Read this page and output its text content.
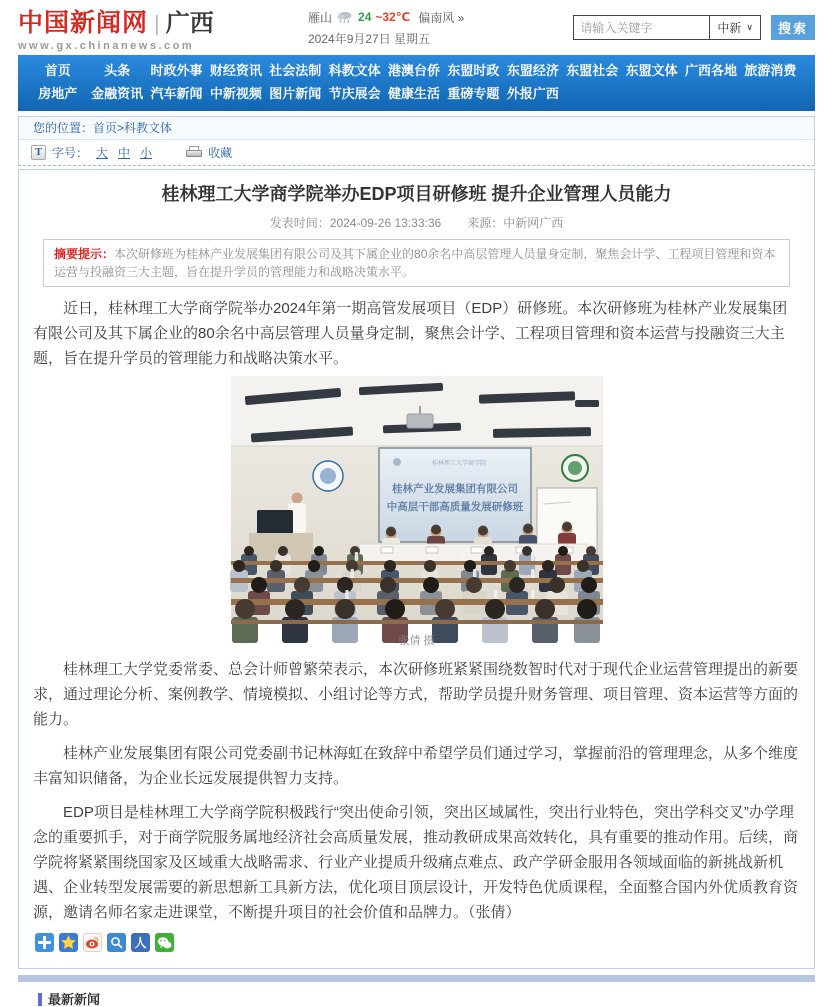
中国新闻网 | 广西
www.gx.chinanews.com
雁山 24 ~32℃ 偏南风 »
2024年9月27日 星期五
请输入关键字
中新 ∨	搜索
首页	头条	时政外事 财经资讯 社会法制 科教文体 港澳台侨 东盟时政 东盟经济 东盟社会 东盟文体 广西各地 旅游消费
房地产	金融资讯 汽车新闻 中新视频 图片新闻 节庆展会 健康生活 重磅专题 外报广西
您的位置：首页>科教文体
T 字号： 大 中 小	收藏
桂林理工大学商学院举办EDP项目研修班 提升企业管理人员能力
发表时间：2024-09-26 13:33:36 来源：中新网广西
摘要提示：本次研修班为桂林产业发展集团有限公司及其下属企业的80余名中高层管理人员量身定制，聚焦会计学、工程项目管理和资本运营与投融资三大主题，旨在提升学员的管理能力和战略决策水平。

近日，桂林理工大学商学院举办2024年第一期高管发展项目（EDP）研修班。本次研修班为桂林产业发展集团有限公司及其下属企业的80余名中高层管理人员量身定制，聚焦会计学、工程项目管理和资本运营与投融资三大主题，旨在提升学员的管理能力和战略决策水平。

桂林理工大学商学院
桂林产业发展集团有限公司
中高层干部高质量发展研修班
张倩 摄

桂林理工大学党委常委、总会计师曾繁荣表示，本次研修班紧紧围绕数智时代对于现代企业运营管理提出的新要求，通过理论分析、案例教学、情境模拟、小组讨论等方式，帮助学员提升财务管理、项目管理、资本运营等方面的能力。

桂林产业发展集团有限公司党委副书记林海虹在致辞中希望学员们通过学习，掌握前沿的管理理念，从多个维度丰富知识储备，为企业长远发展提供智力支持。

EDP项目是桂林理工大学商学院积极践行“突出使命引领，突出区域属性，突出行业特色，突出学科交叉”办学理念的重要抓手，对于商学院服务属地经济社会高质量发展，推动教研成果高效转化，具有重要的推动作用。后续，商学院将紧紧围绕国家及区域重大战略需求、行业产业提质升级痛点难点、政产学研金服用各领域面临的新挑战新机遇、企业转型发展需要的新思想新工具新方法，优化项目顶层设计，开发特色优质课程，全面整合国内外优质教育资源，邀请名师名家走进课堂，不断提升项目的社会价值和品牌力。（张倩）

人
最新新闻
